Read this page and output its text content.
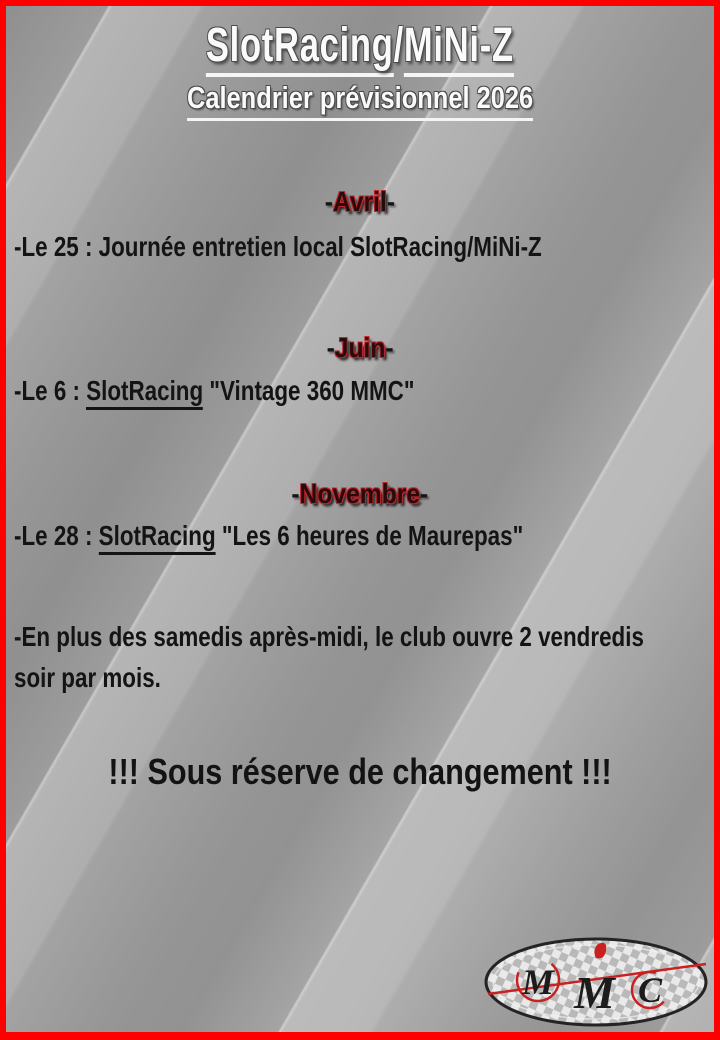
SlotRacing/MiNi-Z
Calendrier prévisionnel 2026
-Avril-
-Le 25 : Journée entretien local SlotRacing/MiNi-Z
-Juin-
-Le 6 : SlotRacing "Vintage 360 MMC"
-Novembre-
-Le 28 : SlotRacing "Les 6 heures de Maurepas"
-En plus des samedis après-midi, le club ouvre 2 vendredis
soir par mois.
!!! Sous réserve de changement !!!
M M C
